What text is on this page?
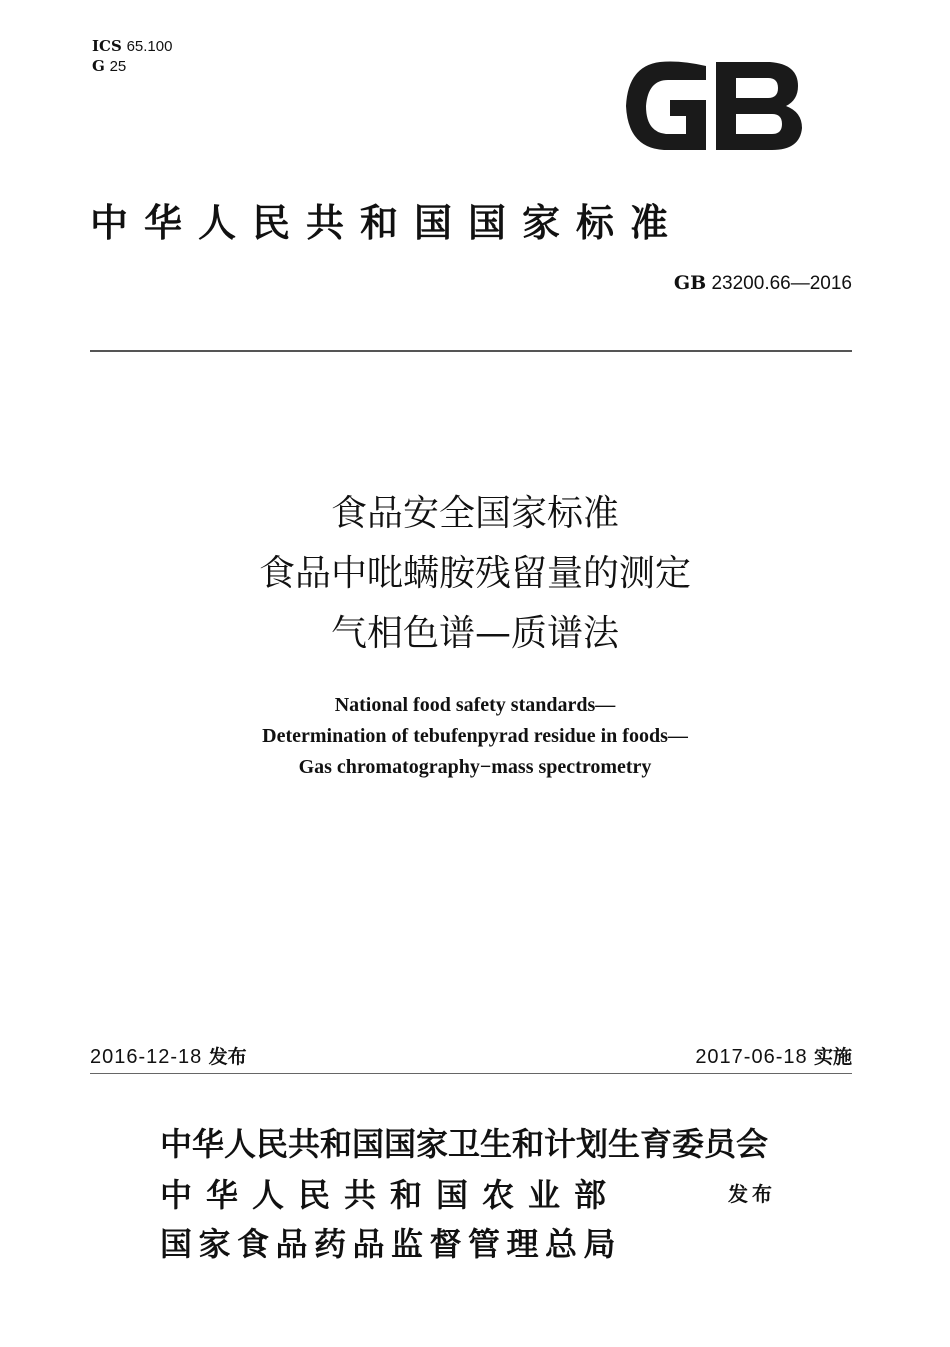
ICS 65.100
G 25
中华人民共和国国家标准
GB 23200.66—2016
食品安全国家标准
食品中吡螨胺残留量的测定
气相色谱—质谱法
National food safety standards—
Determination of tebufenpyrad residue in foods—
Gas chromatography−mass spectrometry
2016-12-18 发布	2017-06-18 实施
中华人民共和国国家卫生和计划生育委员会
中华人民共和国农业部
国家食品药品监督管理总局
发布
